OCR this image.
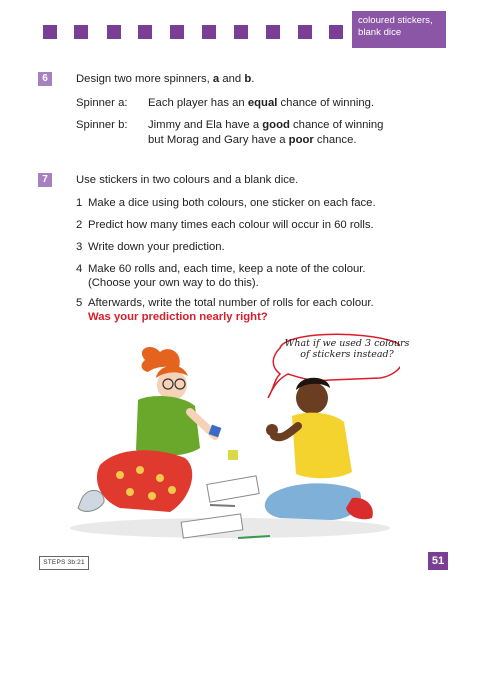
coloured stickers,
blank dice
6	Design two more spinners, a and b.
Spinner a: Each player has an equal chance of winning.
Spinner b: Jimmy and Ela have a good chance of winning
but Morag and Gary have a poor chance.
7	Use stickers in two colours and a blank dice.
1 Make a dice using both colours, one sticker on each face.
2 Predict how many times each colour will occur in 60 rolls.
3 Write down your prediction.
4 Make 60 rolls and, each time, keep a note of the colour.
(Choose your own way to do this).
5 Afterwards, write the total number of rolls for each colour.
Was your prediction nearly right?
What if we used 3 colours
of stickers instead?
STEPS 3b:21	51
